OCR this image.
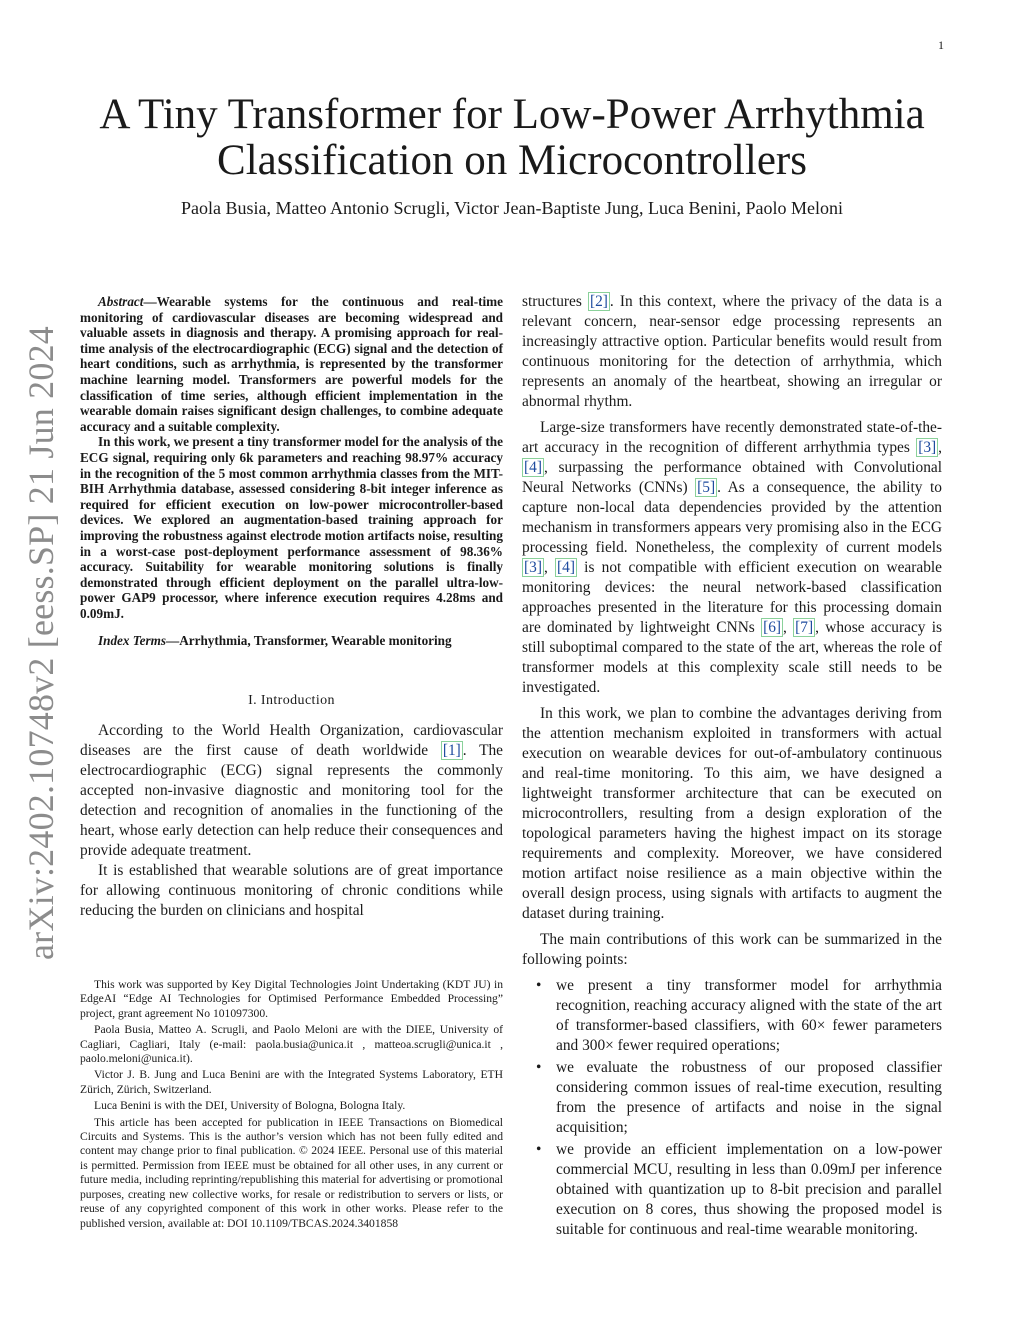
1
arXiv:2402.10748v2 [eess.SP] 21 Jun 2024
A Tiny Transformer for Low-Power Arrhythmia Classification on Microcontrollers
Paola Busia, Matteo Antonio Scrugli, Victor Jean-Baptiste Jung, Luca Benini, Paolo Meloni

Abstract—Wearable systems for the continuous and real-time monitoring of cardiovascular diseases are becoming widespread and valuable assets in diagnosis and therapy. A promising approach for real-time analysis of the electrocardiographic (ECG) signal and the detection of heart conditions, such as arrhythmia, is represented by the transformer machine learning model. Transformers are powerful models for the classification of time series, although efficient implementation in the wearable domain raises significant design challenges, to combine adequate accuracy and a suitable complexity.

In this work, we present a tiny transformer model for the analysis of the ECG signal, requiring only 6k parameters and reaching 98.97% accuracy in the recognition of the 5 most common arrhythmia classes from the MIT-BIH Arrhythmia database, assessed considering 8-bit integer inference as required for efficient execution on low-power microcontroller-based devices. We explored an augmentation-based training approach for improving the robustness against electrode motion artifacts noise, resulting in a worst-case post-deployment performance assessment of 98.36% accuracy. Suitability for wearable monitoring solutions is finally demonstrated through efficient deployment on the parallel ultra-low-power GAP9 processor, where inference execution requires 4.28ms and 0.09mJ.

Index Terms—Arrhythmia, Transformer, Wearable monitoring

I. Introduction

According to the World Health Organization, cardiovascular diseases are the first cause of death worldwide [1] . The electrocardiographic (ECG) signal represents the commonly accepted non-invasive diagnostic and monitoring tool for the detection and recognition of anomalies in the functioning of the heart, whose early detection can help reduce their consequences and provide adequate treatment.

It is established that wearable solutions are of great importance for allowing continuous monitoring of chronic conditions while reducing the burden on clinicians and hospital

This work was supported by Key Digital Technologies Joint Undertaking (KDT JU) in EdgeAI “Edge AI Technologies for Optimised Performance Embedded Processing” project, grant agreement No 101097300.

Paola Busia, Matteo A. Scrugli, and Paolo Meloni are with the DIEE, University of Cagliari, Cagliari, Italy (e-mail: paola.busia@unica.it , matteoa.scrugli@unica.it , paolo.meloni@unica.it).

Victor J. B. Jung and Luca Benini are with the Integrated Systems Laboratory, ETH Zürich, Zürich, Switzerland.

Luca Benini is with the DEI, University of Bologna, Bologna Italy.

This article has been accepted for publication in IEEE Transactions on Biomedical Circuits and Systems. This is the author’s version which has not been fully edited and content may change prior to final publication. © 2024 IEEE. Personal use of this material is permitted. Permission from IEEE must be obtained for all other uses, in any current or future media, including reprinting/republishing this material for advertising or promotional purposes, creating new collective works, for resale or redistribution to servers or lists, or reuse of any copyrighted component of this work in other works. Please refer to the published version, available at: DOI 10.1109/TBCAS.2024.3401858

structures [2] . In this context, where the privacy of the data is a relevant concern, near-sensor edge processing represents an increasingly attractive option. Particular benefits would result from continuous monitoring for the detection of arrhythmia, which represents an anomaly of the heartbeat, showing an irregular or abnormal rhythm.

Large-size transformers have recently demonstrated state-of-the-art accuracy in the recognition of different arrhythmia types [3] , [4] , surpassing the performance obtained with Convolutional Neural Networks (CNNs) [5] . As a consequence, the ability to capture non-local data dependencies provided by the attention mechanism in transformers appears very promising also in the ECG processing field. Nonetheless, the complexity of current models [3] , [4] is not compatible with efficient execution on wearable monitoring devices: the neural network-based classification approaches presented in the literature for this processing domain are dominated by lightweight CNNs [6] , [7] , whose accuracy is still suboptimal compared to the state of the art, whereas the role of transformer models at this complexity scale still needs to be investigated.

In this work, we plan to combine the advantages deriving from the attention mechanism exploited in transformers with actual execution on wearable devices for out-of-ambulatory continuous and real-time monitoring. To this aim, we have designed a lightweight transformer architecture that can be executed on microcontrollers, resulting from a design exploration of the topological parameters having the highest impact on its storage requirements and complexity. Moreover, we have considered motion artifact noise resilience as a main objective within the overall design process, using signals with artifacts to augment the dataset during training.

The main contributions of this work can be summarized in the following points:

• we present a tiny transformer model for arrhythmia recognition, reaching accuracy aligned with the state of the art of transformer-based classifiers, with 60× fewer parameters and 300× fewer required operations;
• we evaluate the robustness of our proposed classifier considering common issues of real-time execution, resulting from the presence of artifacts and noise in the signal acquisition;
• we provide an efficient implementation on a low-power commercial MCU, resulting in less than 0.09mJ per inference obtained with quantization up to 8-bit precision and parallel execution on 8 cores, thus showing the proposed model is suitable for continuous and real-time wearable monitoring.
